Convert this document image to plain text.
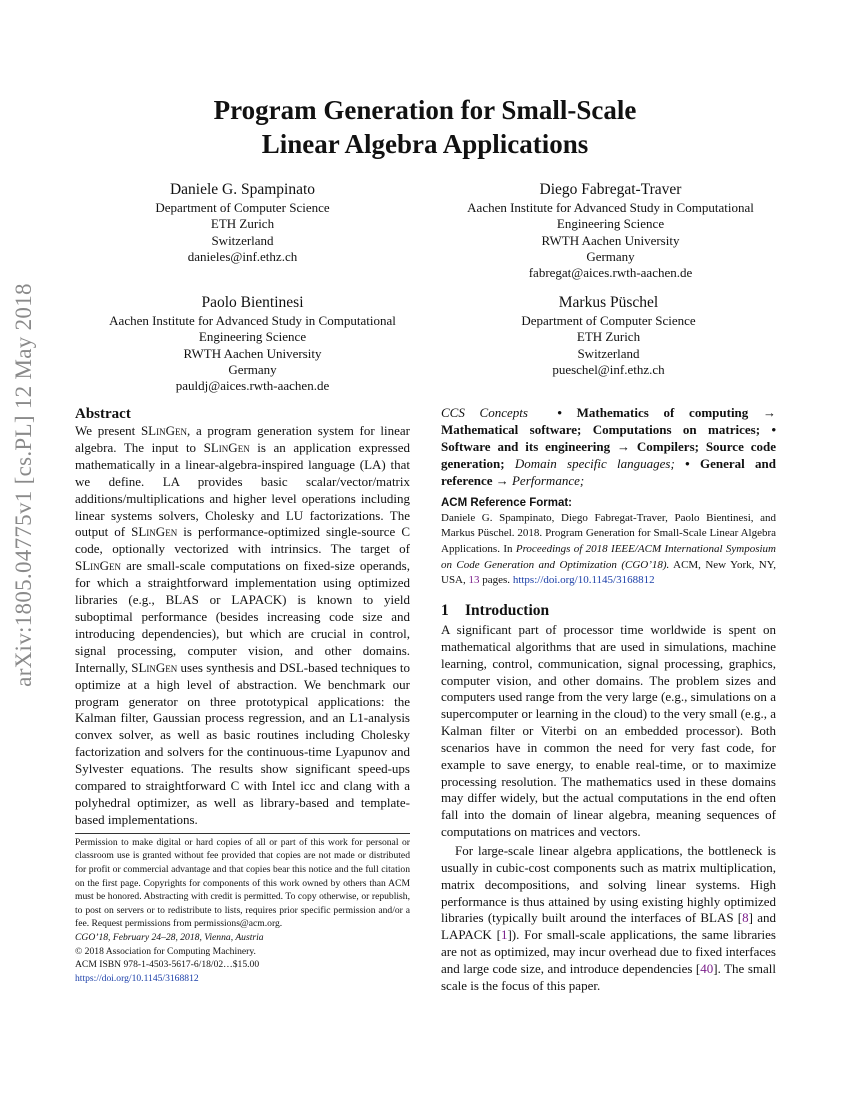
arXiv:1805.04775v1 [cs.PL] 12 May 2018
Program Generation for Small-Scale
Linear Algebra Applications
Daniele G. Spampinato
Department of Computer Science
ETH Zurich
Switzerland
danieles@inf.ethz.ch
Diego Fabregat-Traver
Aachen Institute for Advanced Study in Computational
Engineering Science
RWTH Aachen University
Germany
fabregat@aices.rwth-aachen.de
Paolo Bientinesi
Aachen Institute for Advanced Study in Computational
Engineering Science
RWTH Aachen University
Germany
pauldj@aices.rwth-aachen.de
Markus Püschel
Department of Computer Science
ETH Zurich
Switzerland
pueschel@inf.ethz.ch
Abstract
We present SLinGen, a program generation system for linear algebra. The input to SLinGen is an application expressed mathematically in a linear-algebra-inspired language (LA) that we define. LA provides basic scalar/vector/matrix additions/multiplications and higher level operations including linear systems solvers, Cholesky and LU factorizations. The output of SLinGen is performance-optimized single-source C code, optionally vectorized with intrinsics. The target of SLinGen are small-scale computations on fixed-size operands, for which a straightforward implementation using optimized libraries (e.g., BLAS or LAPACK) is known to yield suboptimal performance (besides increasing code size and introducing dependencies), but which are crucial in control, signal processing, computer vision, and other domains. Internally, SLinGen uses synthesis and DSL-based techniques to optimize at a high level of abstraction. We benchmark our program generator on three prototypical applications: the Kalman filter, Gaussian process regression, and an L1-analysis convex solver, as well as basic routines including Cholesky factorization and solvers for the continuous-time Lyapunov and Sylvester equations. The results show significant speed-ups compared to straightforward C with Intel icc and clang with a polyhedral optimizer, as well as library-based and template-based implementations.
Permission to make digital or hard copies of all or part of this work for personal or classroom use is granted without fee provided that copies are not made or distributed for profit or commercial advantage and that copies bear this notice and the full citation on the first page. Copyrights for components of this work owned by others than ACM must be honored. Abstracting with credit is permitted. To copy otherwise, or republish, to post on servers or to redistribute to lists, requires prior specific permission and/or a fee. Request permissions from permissions@acm.org.
CGO’18, February 24–28, 2018, Vienna, Austria
© 2018 Association for Computing Machinery.
ACM ISBN 978-1-4503-5617-6/18/02…$15.00
https://doi.org/10.1145/3168812
CCS Concepts • Mathematics of computing → Mathematical software; Computations on matrices; • Software and its engineering → Compilers; Source code generation; Domain specific languages; • General and reference → Performance;
ACM Reference Format:
Daniele G. Spampinato, Diego Fabregat-Traver, Paolo Bientinesi, and Markus Püschel. 2018. Program Generation for Small-Scale Linear Algebra Applications. In Proceedings of 2018 IEEE/ACM International Symposium on Code Generation and Optimization (CGO’18). ACM, New York, NY, USA, 13 pages. https://doi.org/10.1145/3168812
1 Introduction

A significant part of processor time worldwide is spent on mathematical algorithms that are used in simulations, machine learning, control, communication, signal processing, graphics, computer vision, and other domains. The problem sizes and computers used range from the very large (e.g., simulations on a supercomputer or learning in the cloud) to the very small (e.g., a Kalman filter or Viterbi on an embedded processor). Both scenarios have in common the need for very fast code, for example to save energy, to enable real-time, or to maximize processing resolution. The mathematics used in these domains may differ widely, but the actual computations in the end often fall into the domain of linear algebra, meaning sequences of computations on matrices and vectors.

For large-scale linear algebra applications, the bottleneck is usually in cubic-cost components such as matrix multiplication, matrix decompositions, and solving linear systems. High performance is thus attained by using existing highly optimized libraries (typically built around the interfaces of BLAS [8] and LAPACK [1]). For small-scale applications, the same libraries are not as optimized, may incur overhead due to fixed interfaces and large code size, and introduce dependencies [40]. The small scale is the focus of this paper.
